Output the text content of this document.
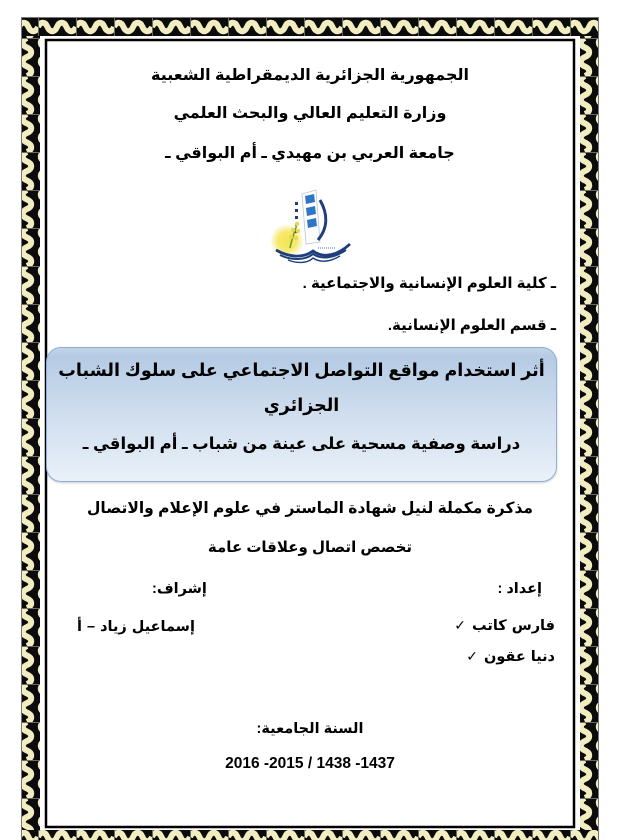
الجمهورية الجزائرية الديمقراطية الشعبية
وزارة التعليم العالي والبحث العلمي
جامعة العربي بن مهيدي ـ أم البواقي ـ
ـ كلية العلوم الإنسانية والاجتماعية .
ـ قسم العلوم الإنسانية.
أثر استخدام مواقع التواصل الاجتماعي على سلوك الشباب
الجزائري
دراسة وصفية مسحية على عينة من شباب ـ أم البواقي ـ
مذكرة مكملة لنيل شهادة الماستر في علوم الإعلام والاتصال
تخصص اتصال وعلاقات عامة
إعداد :
✓ كاتب فارس
✓ عقون دنيا
إشراف:
أ – زياد إسماعيل
السنة الجامعية:
1437- 1438 / 2015- 2016
